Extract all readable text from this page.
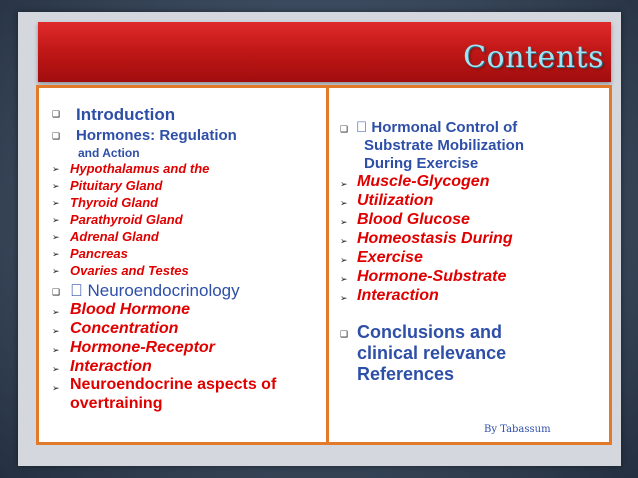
Contents
❑
Introduction
❑
Hormones: Regulation
and Action
➢
Hypothalamus and the
➢
Pituitary Gland
➢
Thyroid Gland
➢
Parathyroid Gland
➢
Adrenal Gland
➢
Pancreas
➢
Ovaries and Testes
❑
Neuroendocrinology
➢
Blood Hormone
➢
Concentration
➢
Hormone-Receptor
➢
Interaction
➢
Neuroendocrine aspects of
overtraining
❑
Hormonal Control of
Substrate Mobilization
During Exercise
➢
Muscle-Glycogen
➢
Utilization
➢
Blood Glucose
➢
Homeostasis During
➢
Exercise
➢
Hormone-Substrate
➢
Interaction
❑
Conclusions and
clinical relevance
References
By Tabassum
